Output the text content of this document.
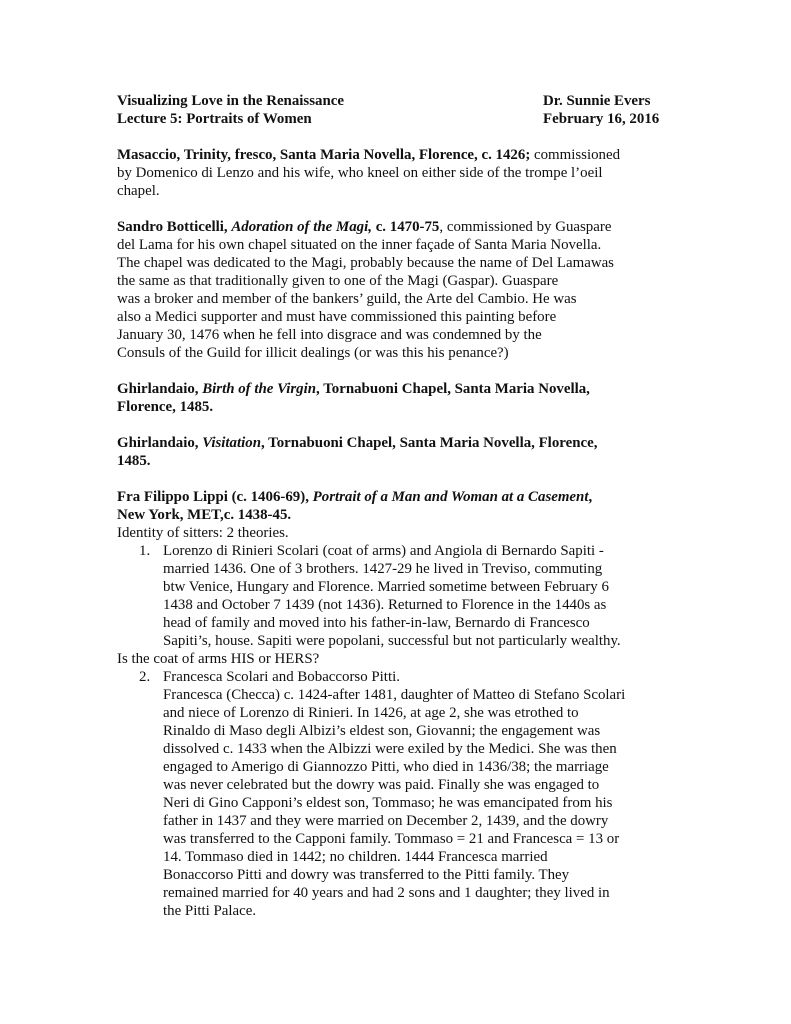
Visualizing Love in the Renaissance	Dr. Sunnie Evers
Lecture 5: Portraits of Women	February 16, 2016
Masaccio, Trinity, fresco, Santa Maria Novella, Florence, c. 1426; commissioned
by Domenico di Lenzo and his wife, who kneel on either side of the trompe l’oeil
chapel.
Sandro Botticelli, Adoration of the Magi, c. 1470-75, commissioned by Guaspare
del Lama for his own chapel situated on the inner façade of Santa Maria Novella.
The chapel was dedicated to the Magi, probably because the name of Del Lamawas
the same as that traditionally given to one of the Magi (Gaspar). Guaspare
was a broker and member of the bankers’ guild, the Arte del Cambio. He was
also a Medici supporter and must have commissioned this painting before
January 30, 1476 when he fell into disgrace and was condemned by the
Consuls of the Guild for illicit dealings (or was this his penance?)
Ghirlandaio, Birth of the Virgin, Tornabuoni Chapel, Santa Maria Novella,
Florence, 1485.
Ghirlandaio, Visitation, Tornabuoni Chapel, Santa Maria Novella, Florence,
1485.
Fra Filippo Lippi (c. 1406-69), Portrait of a Man and Woman at a Casement,
New York, MET,c. 1438-45.
Identity of sitters: 2 theories.
1. Lorenzo di Rinieri Scolari (coat of arms) and Angiola di Bernardo Sapiti -
married 1436. One of 3 brothers. 1427-29 he lived in Treviso, commuting
btw Venice, Hungary and Florence. Married sometime between February 6
1438 and October 7 1439 (not 1436). Returned to Florence in the 1440s as
head of family and moved into his father-in-law, Bernardo di Francesco
Sapiti’s, house. Sapiti were popolani, successful but not particularly wealthy.
Is the coat of arms HIS or HERS?
2. Francesca Scolari and Bobaccorso Pitti.
Francesca (Checca) c. 1424-after 1481, daughter of Matteo di Stefano Scolari
and niece of Lorenzo di Rinieri. In 1426, at age 2, she was etrothed to
Rinaldo di Maso degli Albizi’s eldest son, Giovanni; the engagement was
dissolved c. 1433 when the Albizzi were exiled by the Medici. She was then
engaged to Amerigo di Giannozzo Pitti, who died in 1436/38; the marriage
was never celebrated but the dowry was paid. Finally she was engaged to
Neri di Gino Capponi’s eldest son, Tommaso; he was emancipated from his
father in 1437 and they were married on December 2, 1439, and the dowry
was transferred to the Capponi family. Tommaso = 21 and Francesca = 13 or
14. Tommaso died in 1442; no children. 1444 Francesca married
Bonaccorso Pitti and dowry was transferred to the Pitti family. They
remained married for 40 years and had 2 sons and 1 daughter; they lived in
the Pitti Palace.
